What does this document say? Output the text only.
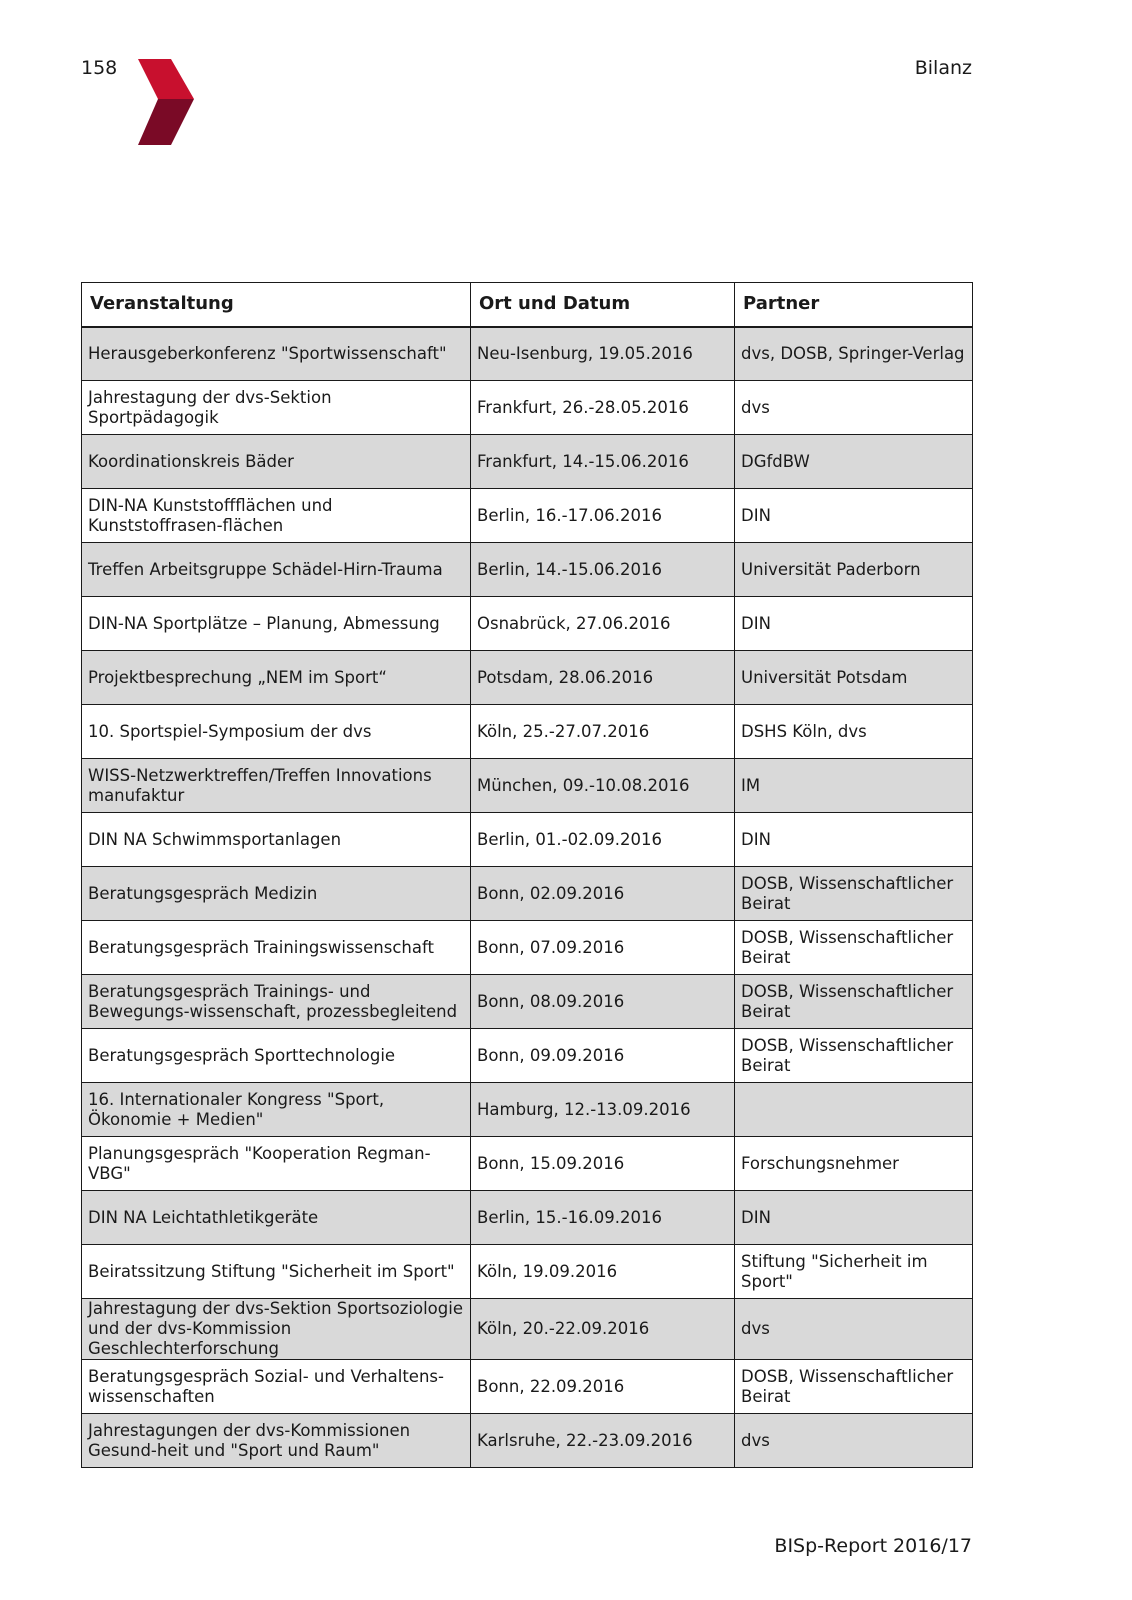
158	Bilanz
Veranstaltung	Ort und Datum	Partner
Herausgeberkonferenz "Sportwissenschaft"	Neu-Isenburg, 19.05.2016	dvs, DOSB, Springer-Verlag
Jahrestagung der dvs-Sektion Sportpädagogik	Frankfurt, 26.-28.05.2016	dvs
Koordinationskreis Bäder	Frankfurt, 14.-15.06.2016	DGfdBW
DIN-NA Kunststoffflächen und Kunststoffrasen-flächen	Berlin, 16.-17.06.2016	DIN
Treffen Arbeitsgruppe Schädel-Hirn-Trauma	Berlin, 14.-15.06.2016	Universität Paderborn
DIN-NA Sportplätze – Planung, Abmessung	Osnabrück, 27.06.2016	DIN
Projektbesprechung „NEM im Sport“	Potsdam, 28.06.2016	Universität Potsdam
10. Sportspiel-Symposium der dvs	Köln, 25.-27.07.2016	DSHS Köln, dvs
WISS-Netzwerktreffen/Treffen Innovations manufaktur	München, 09.-10.08.2016	IM
DIN NA Schwimmsportanlagen	Berlin, 01.-02.09.2016	DIN
Beratungsgespräch Medizin	Bonn, 02.09.2016	DOSB, Wissenschaftlicher Beirat
Beratungsgespräch Trainingswissenschaft	Bonn, 07.09.2016	DOSB, Wissenschaftlicher Beirat
Beratungsgespräch Trainings- und Bewegungs-wissenschaft, prozessbegleitend	Bonn, 08.09.2016	DOSB, Wissenschaftlicher Beirat
Beratungsgespräch Sporttechnologie	Bonn, 09.09.2016	DOSB, Wissenschaftlicher Beirat
16. Internationaler Kongress "Sport, Ökonomie + Medien"	Hamburg, 12.-13.09.2016	
Planungsgespräch "Kooperation Regman-VBG"	Bonn, 15.09.2016	Forschungsnehmer
DIN NA Leichtathletikgeräte	Berlin, 15.-16.09.2016	DIN
Beiratssitzung Stiftung "Sicherheit im Sport"	Köln, 19.09.2016	Stiftung "Sicherheit im Sport"
Jahrestagung der dvs-Sektion Sportsoziologie und der dvs-Kommission Geschlechterforschung	Köln, 20.-22.09.2016	dvs
Beratungsgespräch Sozial- und Verhaltens-wissenschaften	Bonn, 22.09.2016	DOSB, Wissenschaftlicher Beirat
Jahrestagungen der dvs-Kommissionen Gesund-heit und "Sport und Raum"	Karlsruhe, 22.-23.09.2016	dvs
BISp-Report 2016/17
